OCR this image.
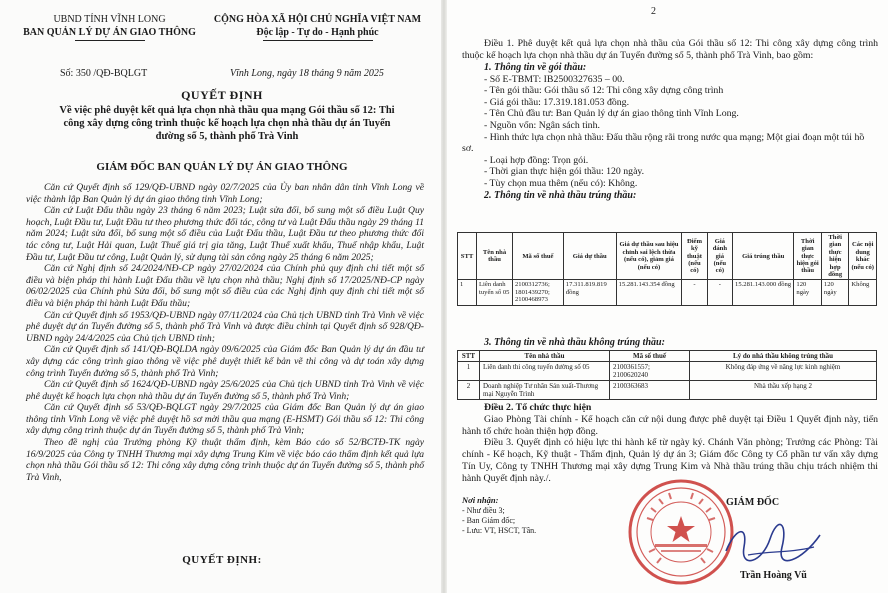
UBND TỈNH VĨNH LONG
BAN QUẢN LÝ DỰ ÁN GIAO THÔNG
CỘNG HÒA XÃ HỘI CHỦ NGHĨA VIỆT NAM
Độc lập - Tự do - Hạnh phúc
Số: 350 /QĐ-BQLGT	Vĩnh Long, ngày 18 tháng 9 năm 2025
QUYẾT ĐỊNH
Về việc phê duyệt kết quả lựa chọn nhà thầu qua mạng Gói thầu số 12: Thi công xây dựng công trình thuộc kế hoạch lựa chọn nhà thầu dự án Tuyến đường số 5, thành phố Trà Vinh
GIÁM ĐỐC BAN QUẢN LÝ DỰ ÁN GIAO THÔNG

Căn cứ Quyết định số 129/QĐ-UBND ngày 02/7/2025 của Ủy ban nhân dân tỉnh Vĩnh Long về việc thành lập Ban Quản lý dự án giao thông tỉnh Vĩnh Long;

Căn cứ Luật Đấu thầu ngày 23 tháng 6 năm 2023; Luật sửa đổi, bổ sung một số điều Luật Quy hoạch, Luật Đầu tư, Luật Đầu tư theo phương thức đối tác, công tư và Luật Đấu thầu ngày 29 tháng 11 năm 2024; Luật sửa đổi, bổ sung một số điều của Luật Đấu thầu, Luật Đầu tư theo phương thức đối tác công tư, Luật Hải quan, Luật Thuế giá trị gia tăng, Luật Thuế xuất khẩu, Thuế nhập khẩu, Luật Đầu tư, Luật Đầu tư công, Luật Quản lý, sử dụng tài sản công ngày 25 tháng 6 năm 2025;

Căn cứ Nghị định số 24/2024/NĐ-CP ngày 27/02/2024 của Chính phủ quy định chi tiết một số điều và biện pháp thi hành Luật Đấu thầu về lựa chọn nhà thầu; Nghị định số 17/2025/NĐ-CP ngày 06/02/2025 của Chính phủ Sửa đổi, bổ sung một số điều của các Nghị định quy định chi tiết một số điều và biện pháp thi hành Luật Đấu thầu;

Căn cứ Quyết định số 1953/QĐ-UBND ngày 07/11/2024 của Chủ tịch UBND tỉnh Trà Vinh về việc phê duyệt dự án Tuyến đường số 5, thành phố Trà Vinh và được điều chỉnh tại Quyết định số 928/QĐ-UBND ngày 24/4/2025 của Chủ tịch UBND tỉnh;

Căn cứ Quyết định số 141/QĐ-BQLDA ngày 09/6/2025 của Giám đốc Ban Quản lý dự án đầu tư xây dựng các công trình giao thông về việc phê duyệt thiết kế bản vẽ thi công và dự toán xây dựng công trình Tuyến đường số 5, thành phố Trà Vinh;

Căn cứ Quyết định số 1624/QĐ-UBND ngày 25/6/2025 của Chủ tịch UBND tỉnh Trà Vinh về việc phê duyệt kế hoạch lựa chọn nhà thầu dự án Tuyến đường số 5, thành phố Trà Vinh;

Căn cứ Quyết định số 53/QĐ-BQLGT ngày 29/7/2025 của Giám đốc Ban Quản lý dự án giao thông tỉnh Vĩnh Long về việc phê duyệt hồ sơ mời thầu qua mạng (E-HSMT) Gói thầu số 12: Thi công xây dựng công trình thuộc dự án Tuyến đường số 5, thành phố Trà Vinh;

Theo đề nghị của Trưởng phòng Kỹ thuật thẩm định, kèm Báo cáo số 52/BCTĐ-TK ngày 16/9/2025 của Công ty TNHH Thương mại xây dựng Trung Kim về việc báo cáo thẩm định kết quả lựa chọn nhà thầu Gói thầu số 12: Thi công xây dựng công trình thuộc dự án Tuyến đường số 5, thành phố Trà Vinh,

QUYẾT ĐỊNH:
2

Điều 1. Phê duyệt kết quả lựa chọn nhà thầu của Gói thầu số 12: Thi công xây dựng công trình thuộc kế hoạch lựa chọn nhà thầu dự án Tuyến đường số 5, thành phố Trà Vinh, bao gồm:

1. Thông tin về gói thầu:

- Số E-TBMT: IB2500327635 – 00.

- Tên gói thầu: Gói thầu số 12: Thi công xây dựng công trình

- Giá gói thầu: 17.319.181.053 đồng.

- Tên Chủ đầu tư: Ban Quản lý dự án giao thông tỉnh Vĩnh Long.

- Nguồn vốn: Ngân sách tỉnh.

- Hình thức lựa chọn nhà thầu: Đấu thầu rộng rãi trong nước qua mạng; Một giai đoạn một túi hồ sơ.

- Loại hợp đồng: Trọn gói.

- Thời gian thực hiện gói thầu: 120 ngày.

- Tùy chọn mua thêm (nếu có): Không.

2. Thông tin về nhà thầu trúng thầu:

STT	Tên nhà thầu	Mã số thuế	Giá dự thầu	Giá dự thầu sau hiệu chỉnh sai lệch thừa (nếu có), giảm giá (nếu có)	Điểm kỹ thuật (nếu có)	Giá đánh giá (nếu có)	Giá trúng thầu	Thời gian thực hiện gói thầu	Thời gian thực hiện hợp đồng	Các nội dung khác (nếu có)
1	Liên danh tuyến số 05	2100312736; 1801439270; 2100468973	17.311.819.819 đồng	15.281.143.354 đồng	-	-	15.281.143.000 đồng	120 ngày	120 ngày	Không

3. Thông tin về nhà thầu không trúng thầu:

STT	Tên nhà thầu	Mã số thuế	Lý do nhà thầu không trúng thầu
1	Liên danh thi công tuyến đường số 05	2100361557; 2100620240	Không đáp ứng về năng lực kinh nghiệm
2	Doanh nghiệp Tư nhân Sản xuất-Thương mại Nguyễn Trình	2100363683	Nhà thầu xếp hạng 2

Điều 2. Tổ chức thực hiện

Giao Phòng Tài chính - Kế hoạch căn cứ nội dung được phê duyệt tại Điều 1 Quyết định này, tiến hành tổ chức hoàn thiện hợp đồng.

Điều 3. Quyết định có hiệu lực thi hành kể từ ngày ký. Chánh Văn phòng; Trưởng các Phòng: Tài chính - Kế hoạch, Kỹ thuật - Thẩm định, Quản lý dự án 3; Giám đốc Công ty Cổ phần tư vấn xây dựng Tín Uy, Công ty TNHH Thương mại xây dựng Trung Kim và Nhà thầu trúng thầu chịu trách nhiệm thi hành Quyết định này./.

Nơi nhận:
- Như điều 3;
- Ban Giám đốc;
- Lưu: VT, HSCT, Tân.
GIÁM ĐỐC
Trần Hoàng Vũ
